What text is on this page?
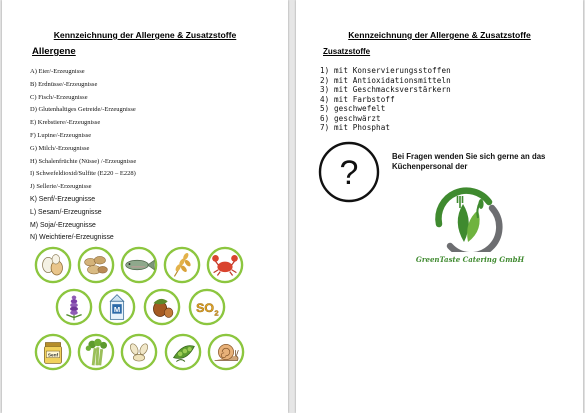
Kennzeichnung der Allergene & Zusatzstoffe
Allergene
A) Eier/-Erzeugnisse
B) Erdnüsse/-Erzeugnisse
C) Fisch/-Erzeugnisse
D) Glutenhaltiges Getreide/-Erzeugnisse
E) Krebstiere/-Erzeugnisse
F) Lupine/-Erzeugnisse
G) Milch/-Erzeugnisse
H) Schalenfrüchte (Nüsse) /-Erzeugnisse
I) Schwefeldioxid/Sulfite (E220 – E228)
J) Sellerie/-Erzeugnisse
K) Senf/-Erzeugnisse
L) Sesam/-Erzeugnisse
M) Soja/-Erzeugnisse
N) Weichtiere/-Erzeugnisse
M	SO 2
Senf
Kennzeichnung der Allergene & Zusatzstoffe
Zusatzstoffe
1) mit Konservierungsstoffen
2) mit Antioxidationsmitteln
3) mit Geschmacksverstärkern
4) mit Farbstoff
5) geschwefelt
6) geschwärzt
7) mit Phosphat
?	Bei Fragen wenden Sie sich gerne an das Küchenpersonal der
GreenTaste Catering GmbH
